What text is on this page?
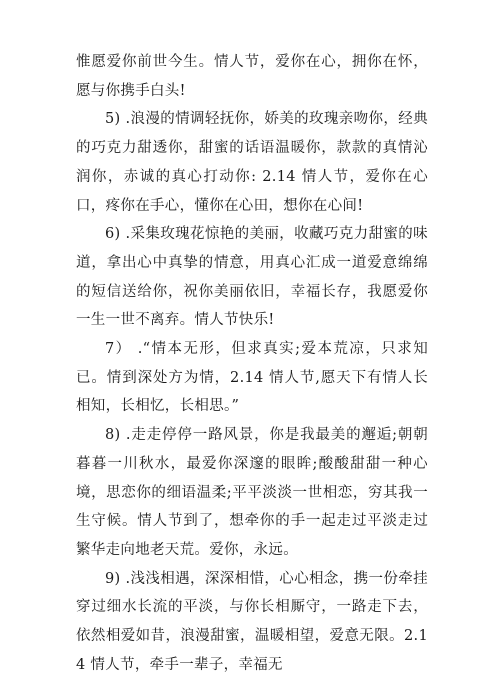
惟愿爱你前世今生。情人节，爱你在心，拥你在怀，愿与你携手白头!

5) .浪漫的情调轻抚你，娇美的玫瑰亲吻你，经典的巧克力甜透你，甜蜜的话语温暖你，款款的真情沁润你，赤诚的真心打动你: 2.14 情人节，爱你在心口，疼你在手心，懂你在心田，想你在心间!

6) .采集玫瑰花惊艳的美丽，收藏巧克力甜蜜的味道，拿出心中真挚的情意，用真心汇成一道爱意绵绵的短信送给你，祝你美丽依旧，幸福长存，我愿爱你一生一世不离弃。情人节快乐!

7） .“情本无形，但求真实;爱本荒凉，只求知已。情到深处方为情，2.14 情人节,愿天下有情人长相知，长相忆，长相思。”

8) .走走停停一路风景，你是我最美的邂逅;朝朝暮暮一川秋水，最爱你深邃的眼眸;酸酸甜甜一种心境，思恋你的细语温柔;平平淡淡一世相恋，穷其我一生守候。情人节到了，想牵你的手一起走过平淡走过繁华走向地老天荒。爱你，永远。

9) .浅浅相遇，深深相惜，心心相念，携一份牵挂穿过细水长流的平淡，与你长相厮守，一路走下去，依然相爱如昔，浪漫甜蜜，温暖相望，爱意无限。2.14 情人节，牵手一辈子，幸福无
